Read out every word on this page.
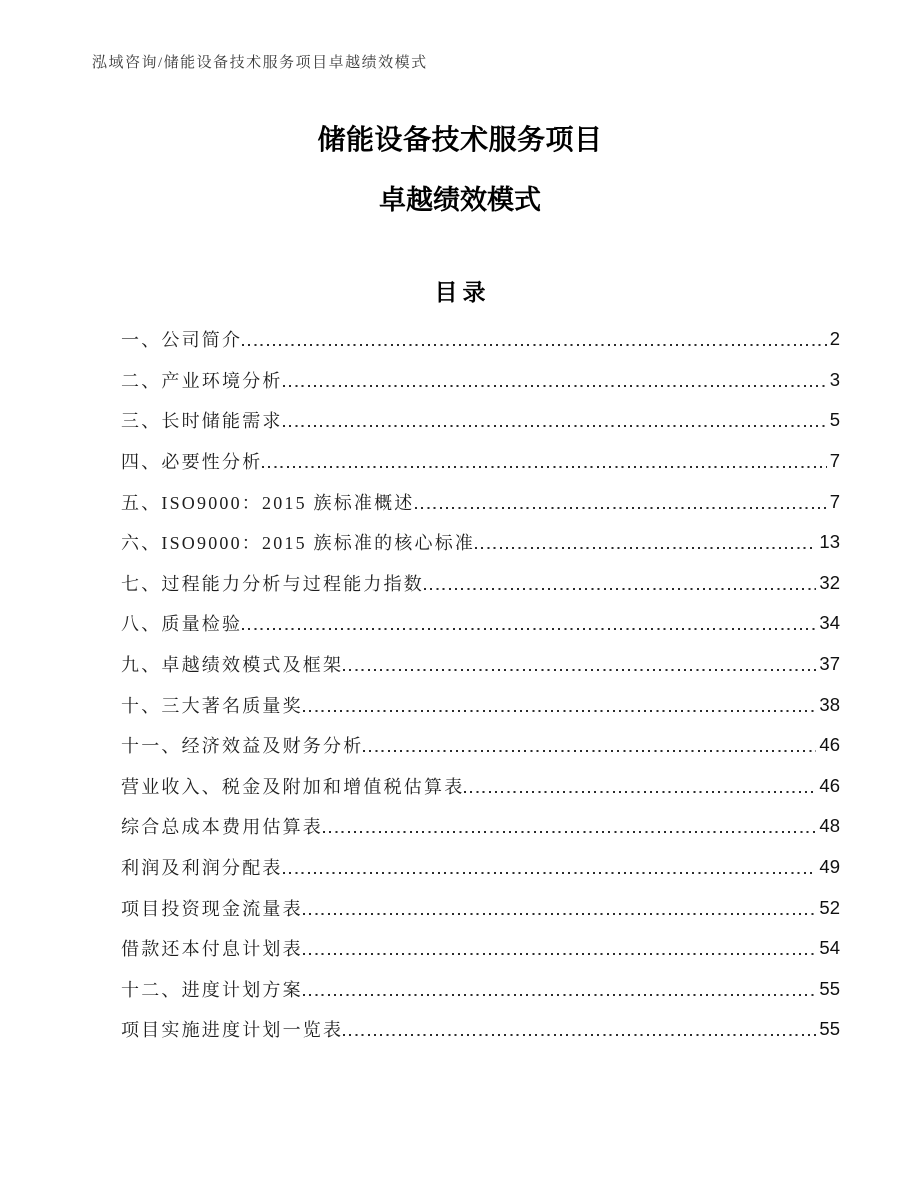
泓域咨询/储能设备技术服务项目卓越绩效模式
储能设备技术服务项目
卓越绩效模式
目录
一、公司简介	2
二、产业环境分析	3
三、长时储能需求	5
四、必要性分析	7
五、ISO9000：2015 族标准概述	7
六、ISO9000：2015 族标准的核心标准	13
七、过程能力分析与过程能力指数	32
八、质量检验	34
九、卓越绩效模式及框架	37
十、三大著名质量奖	38
十一、经济效益及财务分析	46
营业收入、税金及附加和增值税估算表	46
综合总成本费用估算表	48
利润及利润分配表	49
项目投资现金流量表	52
借款还本付息计划表	54
十二、进度计划方案	55
项目实施进度计划一览表	55
